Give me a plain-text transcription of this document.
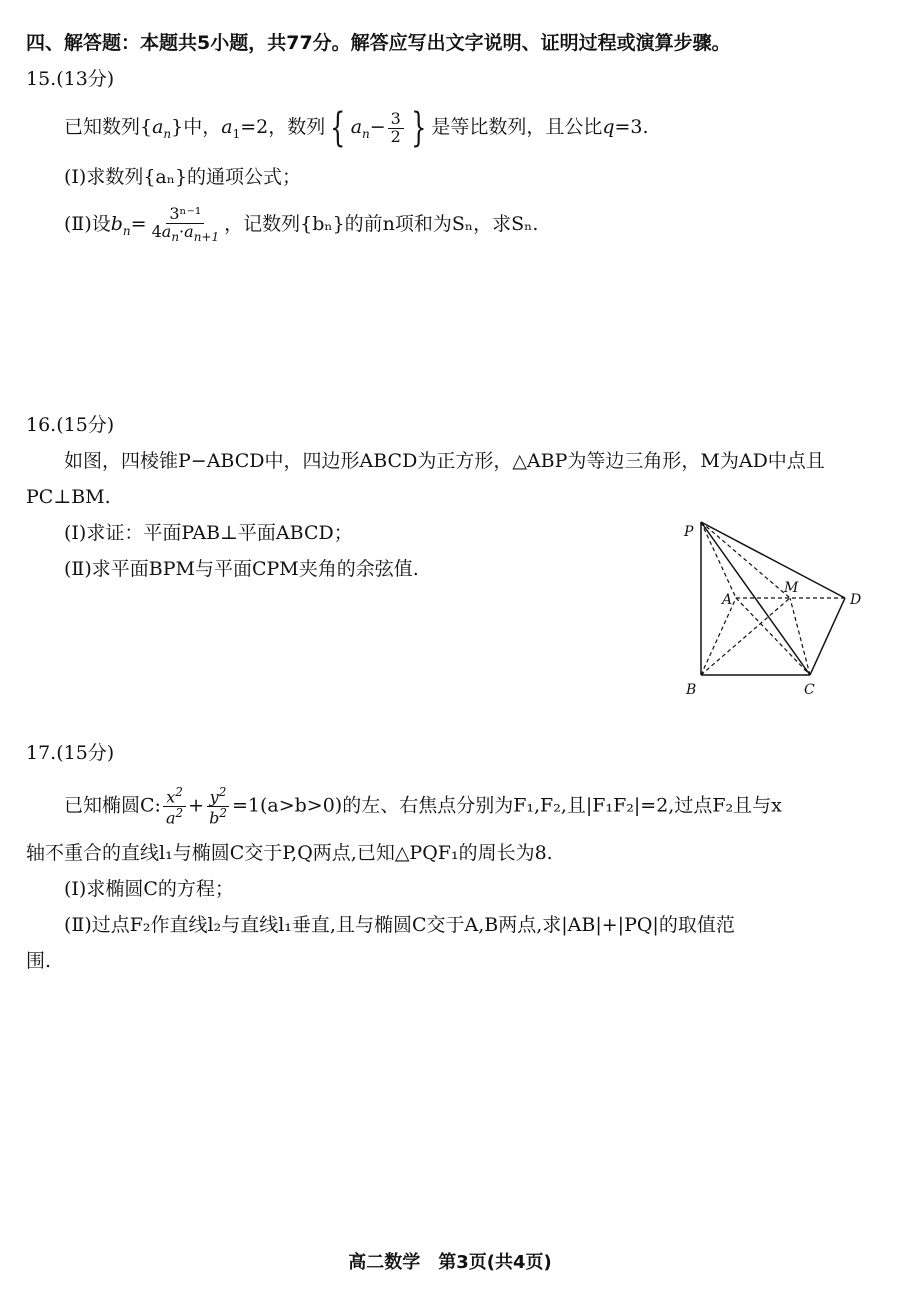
四、解答题：本题共5小题，共77分。解答应写出文字说明、证明过程或演算步骤。
15.(13分)
已知数列$\{a_n\}$中，$a_1=2$，数列 { $a_n- \frac{3}{2}$ } 是等比数列，且公比q=3.
(Ⅰ)求数列{aₙ}的通项公式；
(Ⅱ)设$b_n= \frac{\text{3ⁿ⁻¹}}{4a_n\cdot a_{n+1}}$ ，记数列{bₙ}的前n项和为Sₙ，求Sₙ.
16.(15分)
如图，四棱锥P−ABCD中，四边形ABCD为正方形，△ABP为等边三角形，M为AD中点且
PC⊥BM.
(Ⅰ)求证：平面PAB⊥平面ABCD；
(Ⅱ)求平面BPM与平面CPM夹角的余弦值.
P
A
M
D
B	C
17.(15分)
已知椭圆C: $\frac{x^2}{a^2} + \frac{y^2}{b^2} =1(a>b>0)$的左、右焦点分别为F₁,F₂,且|F₁F₂|=2,过点F₂且与x
轴不重合的直线l₁与椭圆C交于P,Q两点,已知△PQF₁的周长为8.
(Ⅰ)求椭圆C的方程；
(Ⅱ)过点F₂作直线l₂与直线l₁垂直,且与椭圆C交于A,B两点,求|AB|+|PQ|的取值范
围.
高二数学　第3页(共4页)
